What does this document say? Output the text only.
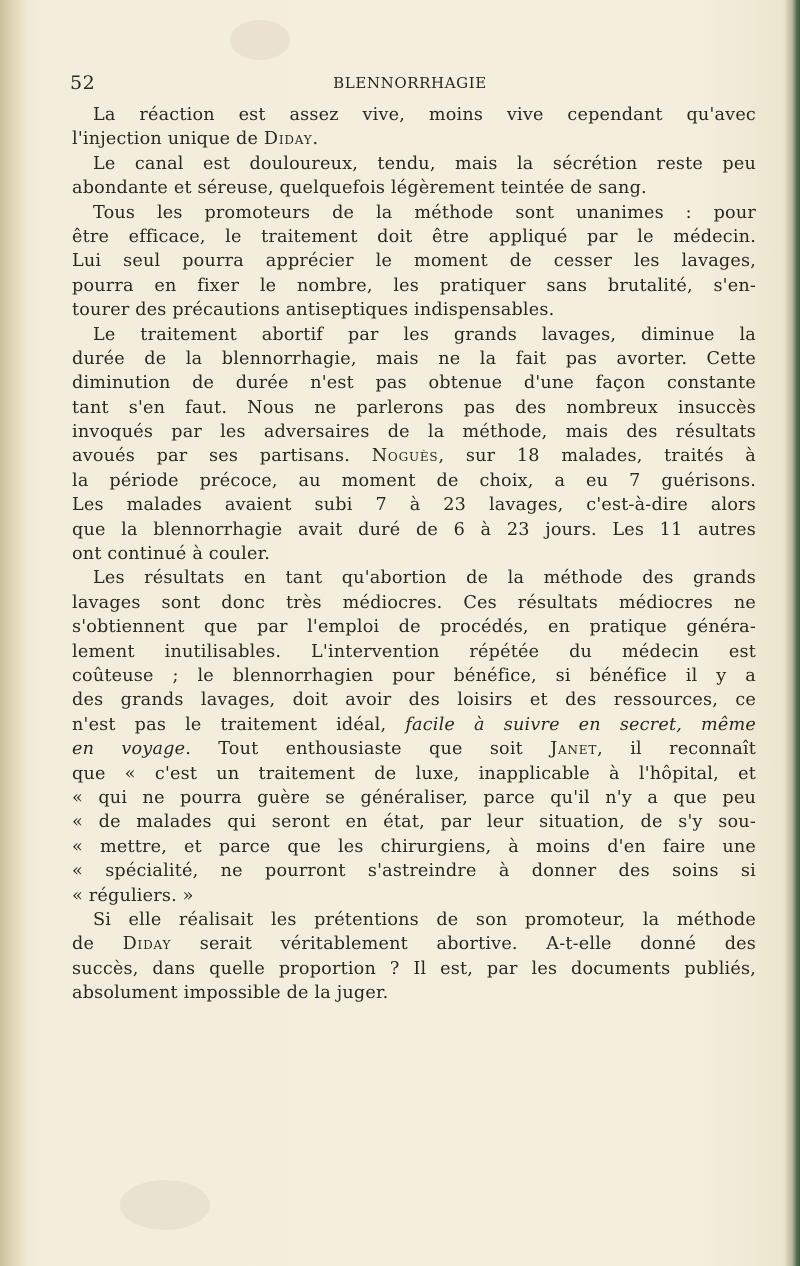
52	BLENNORRHAGIE
La réaction est assez vive, moins vive cependant qu'avec
l'injection unique de Diday.
Le canal est douloureux, tendu, mais la sécrétion reste peu
abondante et séreuse, quelquefois légèrement teintée de sang.
Tous les promoteurs de la méthode sont unanimes : pour
être efficace, le traitement doit être appliqué par le médecin.
Lui seul pourra apprécier le moment de cesser les lavages,
pourra en fixer le nombre, les pratiquer sans brutalité, s'en-
tourer des précautions antiseptiques indispensables.
Le traitement abortif par les grands lavages, diminue la
durée de la blennorrhagie, mais ne la fait pas avorter. Cette
diminution de durée n'est pas obtenue d'une façon constante
tant s'en faut. Nous ne parlerons pas des nombreux insuccès
invoqués par les adversaires de la méthode, mais des résultats
avoués par ses partisans. Noguès, sur 18 malades, traités à
la période précoce, au moment de choix, a eu 7 guérisons.
Les malades avaient subi 7 à 23 lavages, c'est-à-dire alors
que la blennorrhagie avait duré de 6 à 23 jours. Les 11 autres
ont continué à couler.
Les résultats en tant qu'abortion de la méthode des grands
lavages sont donc très médiocres. Ces résultats médiocres ne
s'obtiennent que par l'emploi de procédés, en pratique généra-
lement inutilisables. L'intervention répétée du médecin est
coûteuse ; le blennorrhagien pour bénéfice, si bénéfice il y a
des grands lavages, doit avoir des loisirs et des ressources, ce
n'est pas le traitement idéal, facile à suivre en secret, même
en voyage. Tout enthousiaste que soit Janet, il reconnaît
que « c'est un traitement de luxe, inapplicable à l'hôpital, et
« qui ne pourra guère se généraliser, parce qu'il n'y a que peu
« de malades qui seront en état, par leur situation, de s'y sou-
« mettre, et parce que les chirurgiens, à moins d'en faire une
« spécialité, ne pourront s'astreindre à donner des soins si
« réguliers. »
Si elle réalisait les prétentions de son promoteur, la méthode
de Diday serait véritablement abortive. A-t-elle donné des
succès, dans quelle proportion ? Il est, par les documents publiés,
absolument impossible de la juger.
